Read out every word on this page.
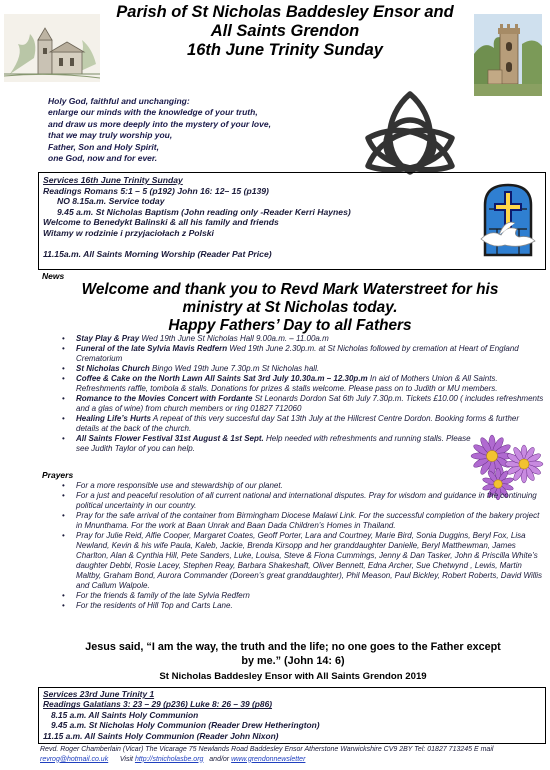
Parish of St Nicholas Baddesley Ensor and
All Saints Grendon
16th June Trinity Sunday
Holy God, faithful and unchanging:
enlarge our minds with the knowledge of your truth,
and draw us more deeply into the mystery of your love,
that we may truly worship you,
Father, Son and Holy Spirit,
one God, now and for ever.
Services 16th June Trinity Sunday
Readings Romans 5:1 – 5 (p192) John 16: 12– 15 (p139)
NO 8.15a.m. Service today
9.45 a.m. St Nicholas Baptism (John reading only -Reader Kerri Haynes)
Welcome to Benedykt Balinski & all his family and friends
Witamy w rodzinie i przyjaciołach z Polski
11.15a.m. All Saints Morning Worship (Reader Pat Price)
News
Welcome and thank you to Revd Mark Waterstreet for his
ministry at St Nicholas today.
Happy Fathers’ Day to all Fathers
• Stay Play & Pray Wed 19th June St Nicholas Hall 9.00a.m. – 11.00a.m
• Funeral of the late Sylvia Mavis Redfern Wed 19th June 2.30p.m. at St Nicholas followed by cremation at Heart of England Crematorium
• St Nicholas Church Bingo Wed 19th June 7.30p.m St Nicholas hall.
• Coffee & Cake on the North Lawn All Saints Sat 3rd July 10.30a.m – 12.30p.m In aid of Mothers Union & All Saints. Refreshments raffle, tombola & stalls. Donations for prizes & stalls welcome. Please pass on to Judith or MU members.
• Romance to the Movies Concert with Fordante St Leonards Dordon Sat 6th July 7.30p.m. Tickets £10.00 ( includes refreshments and a glas of wine) from church members or ring 01827 712060
• Healing Life’s Hurts A repeat of this very succesful day Sat 13th July at the Hillcrest Centre Dordon. Booking forms & further details at the back of the church.
• All Saints Flower Festival 31st August & 1st Sept. Help needed with refreshments and running stalls. Please see Judith Taylor of you can help.
Prayers
• For a more responsible use and stewardship of our planet.
• For a just and peaceful resolution of all current national and international disputes. Pray for wisdom and guidance in the continuing political uncertainty in our country.
• Pray for the safe arrival of the container from Birmingham Diocese Malawi Link. For the successful completion of the bakery project in Mnunthama. For the work at Baan Unrak and Baan Dada Children’s Homes in Thailand.
• Pray for Julie Reid, Alfie Cooper, Margaret Coates, Geoff Porter, Lara and Courtney, Marie Bird, Sonia Duggins, Beryl Fox, Lisa Newland, Kevin & his wife Paula, Kaleb, Jackie, Brenda Kirsopp and her granddaughter Danielle, Beryl Matthewman, James Charlton, Alan & Cynthia Hill, Pete Sanders, Luke, Louisa, Steve & Fiona Cummings, Jenny & Dan Tasker, John & Priscilla White’s daughter Debbi, Rosie Lacey, Stephen Reay, Barbara Shakeshaft, Oliver Bennett, Edna Archer, Sue Chetwynd , Lewis, Martin Maltby, Graham Bond, Aurora Commander (Doreen’s great granddaughter), Phil Meason, Paul Bickley, Robert Roberts, David Willis and Callum Walpole.
• For the friends & family of the late Sylvia Redfern
• For the residents of Hill Top and Carts Lane.
Jesus said, “I am the way, the truth and the life; no one goes to the Father except
by me.” (John 14: 6)
St Nicholas Baddesley Ensor with All Saints Grendon 2019
Services 23rd June Trinity 1
Readings Galatians 3: 23 – 29 (p236) Luke 8: 26 – 39 (p86)
8.15 a.m. All Saints Holy Communion
9.45 a.m. St Nicholas Holy Communion (Reader Drew Hetherington)
11.15 a.m. All Saints Holy Communion (Reader John Nixon)
Revd. Roger Chamberlain (Vicar) The Vicarage 75 Newlands Road Baddesley Ensor Atherstone Warwickshire CV9 2BY Tel: 01827 713245 E mail revrog@hotmail.co.uk Visit http://stnicholasbe.org and/or www.grendonnewsletter
